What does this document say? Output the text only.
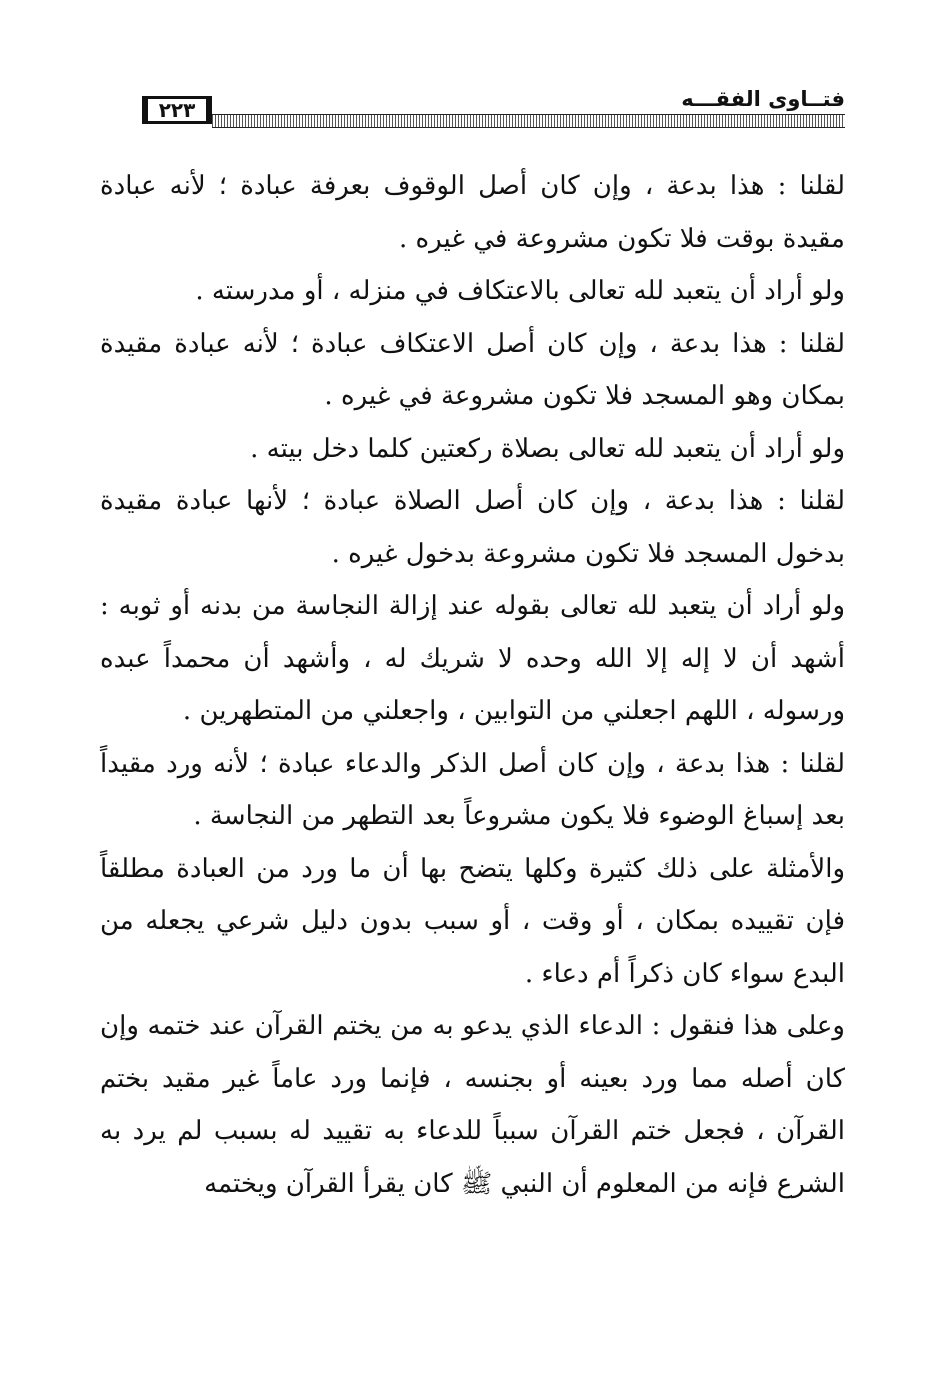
٢٢٣	فتــاوى الفقـــه

لقلنا : هذا بدعة ، وإن كان أصل الوقوف بعرفة عبادة ؛ لأنه عبادة مقيدة بوقت فلا تكون مشروعة في غيره .

ولو أراد أن يتعبد لله تعالى بالاعتكاف في منزله ، أو مدرسته .

لقلنا : هذا بدعة ، وإن كان أصل الاعتكاف عبادة ؛ لأنه عبادة مقيدة بمكان وهو المسجد فلا تكون مشروعة في غيره .

ولو أراد أن يتعبد لله تعالى بصلاة ركعتين كلما دخل بيته .

لقلنا : هذا بدعة ، وإن كان أصل الصلاة عبادة ؛ لأنها عبادة مقيدة بدخول المسجد فلا تكون مشروعة بدخول غيره .

ولو أراد أن يتعبد لله تعالى بقوله عند إزالة النجاسة من بدنه أو ثوبه : أشهد أن لا إله إلا الله وحده لا شريك له ، وأشهد أن محمداً عبده ورسوله ، اللهم اجعلني من التوابين ، واجعلني من المتطهرين .

لقلنا : هذا بدعة ، وإن كان أصل الذكر والدعاء عبادة ؛ لأنه ورد مقيداً بعد إسباغ الوضوء فلا يكون مشروعاً بعد التطهر من النجاسة .

والأمثلة على ذلك كثيرة وكلها يتضح بها أن ما ورد من العبادة مطلقاً فإن تقييده بمكان ، أو وقت ، أو سبب بدون دليل شرعي يجعله من البدع سواء كان ذكراً أم دعاء .

وعلى هذا فنقول : الدعاء الذي يدعو به من يختم القرآن عند ختمه وإن كان أصله مما ورد بعينه أو بجنسه ، فإنما ورد عاماً غير مقيد بختم القرآن ، فجعل ختم القرآن سبباً للدعاء به تقييد له بسبب لم يرد به الشرع فإنه من المعلوم أن النبي ﷺ كان يقرأ القرآن ويختمه
